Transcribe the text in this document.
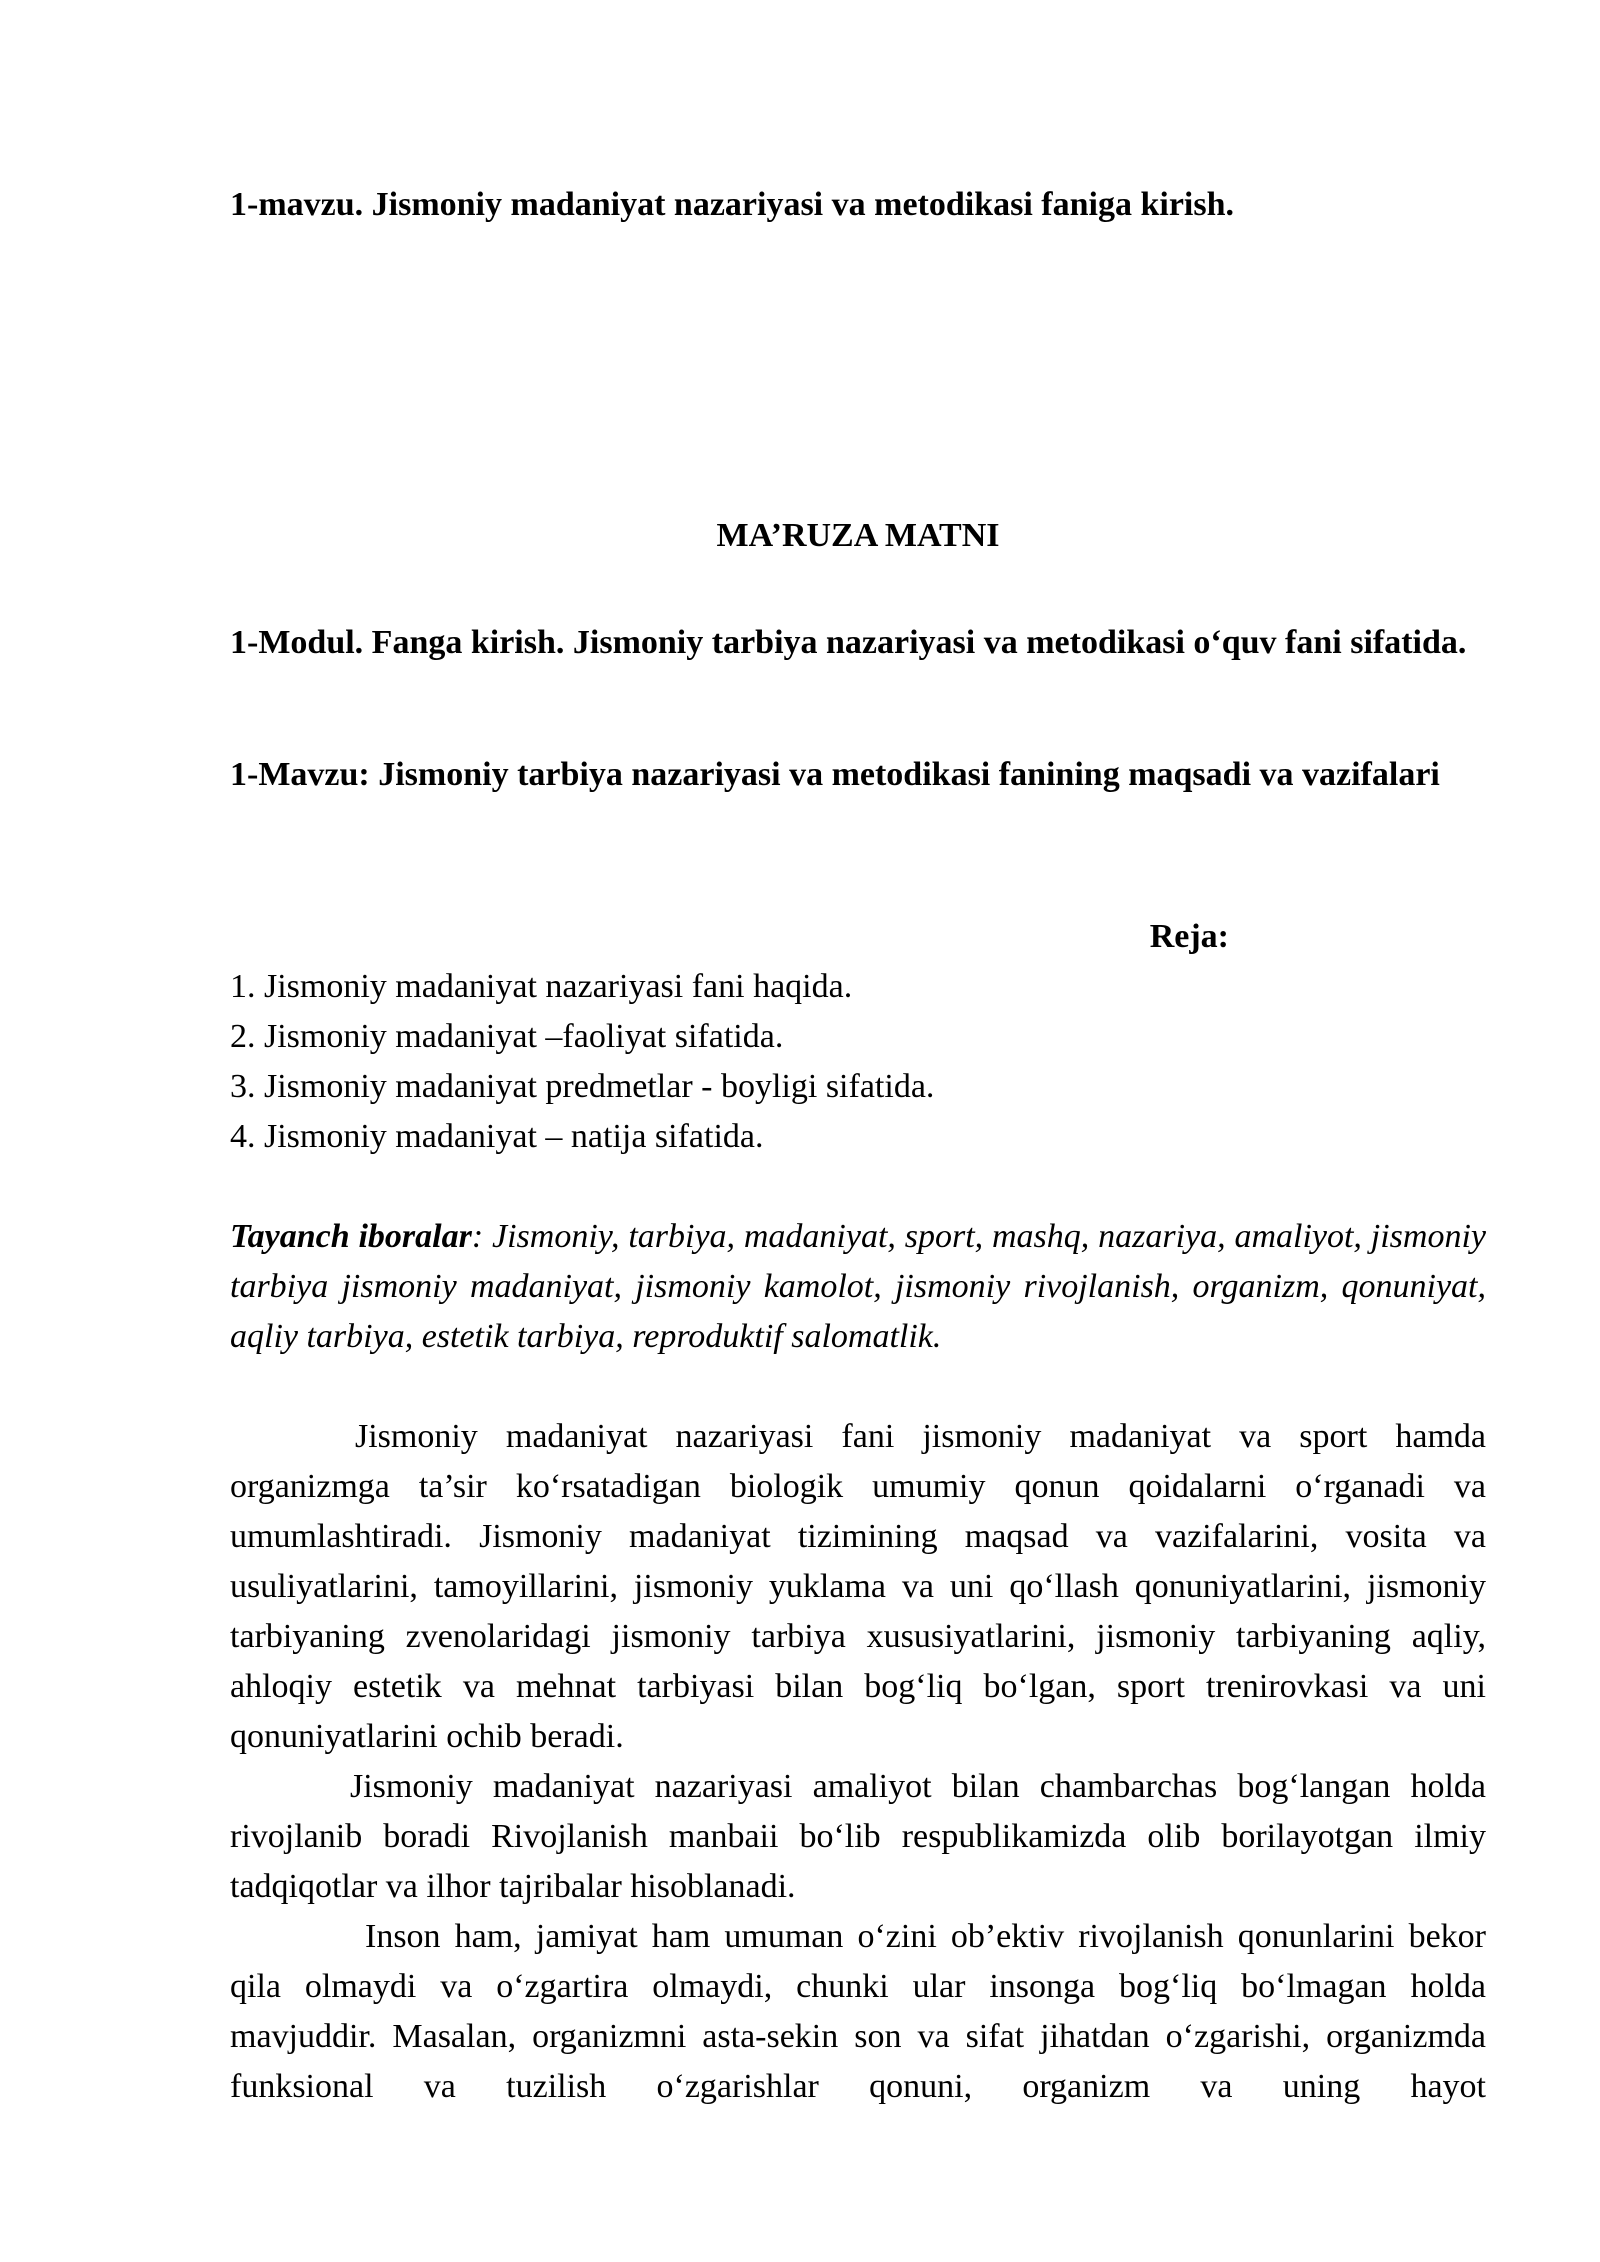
1-mavzu. Jismoniy madaniyat nazariyasi va metodikasi faniga kirish.
MA’RUZA MATNI
1-Modul. Fanga kirish. Jismoniy tarbiya nazariyasi va metodikasi o‘quv fani sifatida.
1-Mavzu: Jismoniy tarbiya nazariyasi va metodikasi fanining maqsadi va vazifalari
Reja:
1. Jismoniy madaniyat nazariyasi fani haqida.
2. Jismoniy madaniyat –faoliyat sifatida.
3. Jismoniy madaniyat predmetlar - boyligi sifatida.
4. Jismoniy madaniyat – natija sifatida.
Tayanch iboralar: Jismoniy, tarbiya, madaniyat, sport, mashq, nazariya, amaliyot, jismoniy tarbiya jismoniy madaniyat, jismoniy kamolot, jismoniy rivojlanish, organizm, qonuniyat, aqliy tarbiya, estetik tarbiya, reproduktif salomatlik.

Jismoniy madaniyat nazariyasi fani jismoniy madaniyat va sport hamda organizmga ta’sir ko‘rsatadigan biologik umumiy qonun qoidalarni o‘rganadi va umumlashtiradi. Jismoniy madaniyat tizimining maqsad va vazifalarini, vosita va usuliyatlarini, tamoyillarini, jismoniy yuklama va uni qo‘llash qonuniyatlarini, jismoniy tarbiyaning zvenolaridagi jismoniy tarbiya xususiyatlarini, jismoniy tarbiyaning aqliy, ahloqiy estetik va mehnat tarbiyasi bilan bog‘liq bo‘lgan, sport trenirovkasi va uni qonuniyatlarini ochib beradi.

Jismoniy madaniyat nazariyasi amaliyot bilan chambarchas bog‘langan holda rivojlanib boradi Rivojlanish manbaii bo‘lib respublikamizda olib borilayotgan ilmiy tadqiqotlar va ilhor tajribalar hisoblanadi.

Inson ham, jamiyat ham umuman o‘zini ob’ektiv rivojlanish qonunlarini bekor qila olmaydi va o‘zgartira olmaydi, chunki ular insonga bog‘liq bo‘lmagan holda mavjuddir. Masalan, organizmni asta-sekin son va sifat jihatdan o‘zgarishi, organizmda funksional va tuzilish o‘zgarishlar qonuni, organizm va uning hayot
